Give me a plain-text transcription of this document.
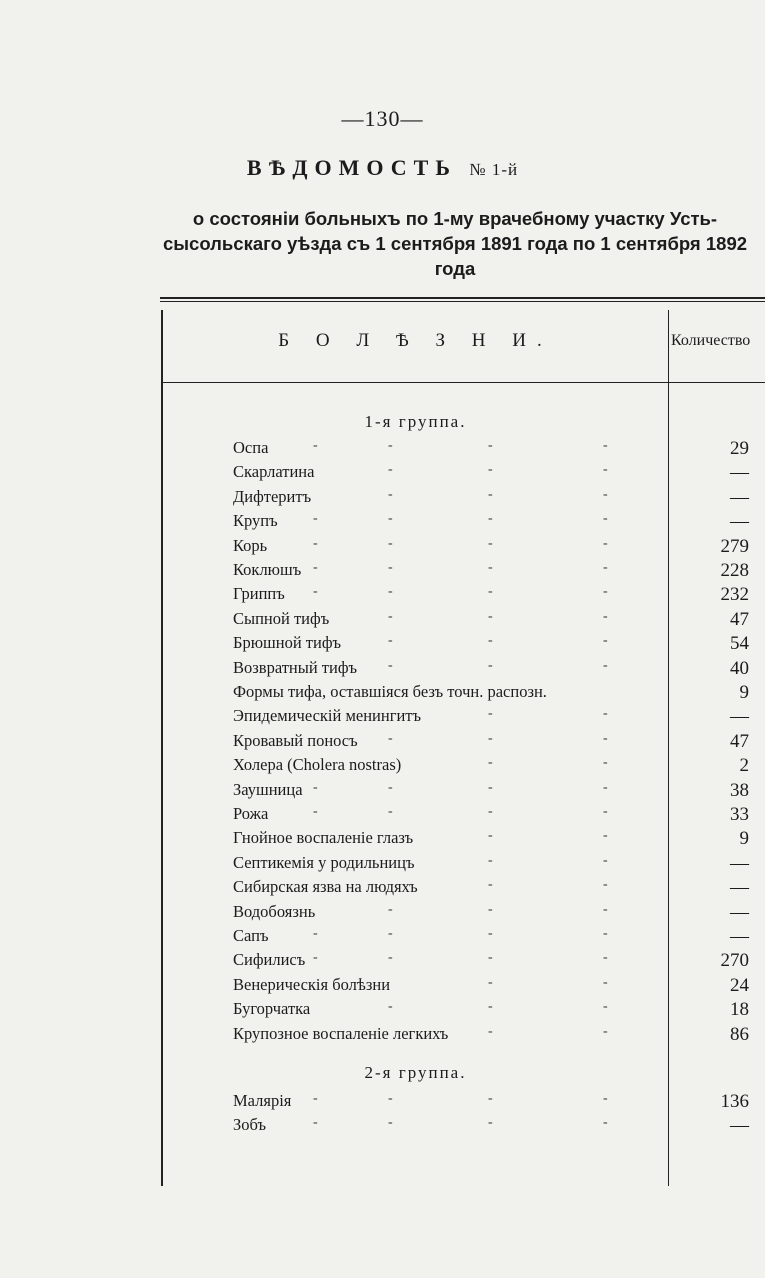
—130—
ВѢДОМОСТЬ № 1-й
о состояніи больныхъ по 1-му врачебному участку Усть-сысольскаго уѣзда съ 1 сентября 1891 года по 1 сентября 1892 года
Б О Л Ѣ З Н И.	Количество
1-я группа.
Оспа	-	-	-	-	29
Скарлатина	-	-	-	—
Дифтеритъ	-	-	-	—
Крупъ	-	-	-	-	—
Корь	-	-	-	-	279
Коклюшъ -	-	-	-	228
Гриппъ -	-	-	-	232
Сыпной тифъ	-	-	-	47
Брюшной тифъ	-	-	-	54
Возвратный тифъ -	-	-	40
Формы тифа, оставшіяся безъ точн. распозн.	9
Эпидемическій менингитъ	-	-	—
Кровавый поносъ -	-	-	47
Холера (Cholera nostras)	-	-	2
Заушница -	-	-	-	38
Рожа	-	-	-	-	33
Гнойное воспаленіе глазъ	-	-	9
Септикемія у родильницъ	-	-	—
Сибирская язва на людяхъ	-	-	—
Водобоязнь	-	-	-	—
Сапъ	-	-	-	-	—
Сифилисъ -	-	-	-	270
Венерическія болѣзни	-	-	24
Бугорчатка	-	-	-	18
Крупозное воспаленіе легкихъ	-	-	86
2-я группа.
Малярія -	-	-	-	136
Зобъ	-	-	-	-	—
